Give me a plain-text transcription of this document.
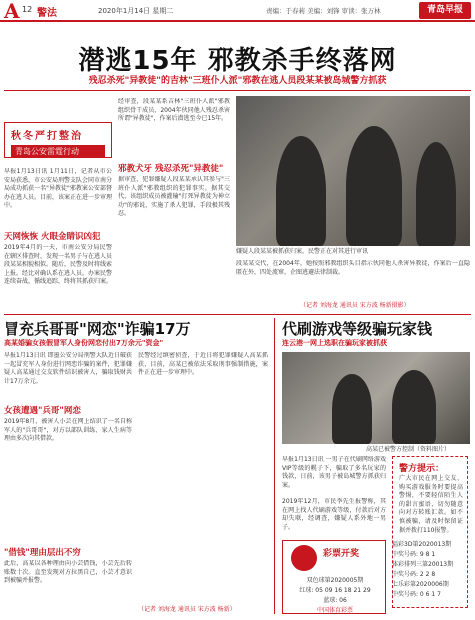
A 12 警法	2020年1月14日 星期二	责编：于春莉 美编：刘锋 审读：张万林	青岛早报
潜逃15年 邪教杀手终落网
残忍杀死"异教徒"的吉林"三班仆人派"邪教在逃人员段某某被岛城警方抓获
秋冬严打整治
青岛公安雷霆行动
早报1月13日讯 1月11日，记者从市公安局获悉，市公安局刑警支队会同市南分局成功抓获一名"异教徒"邪教案公安部督办在逃人员。目前，该案正在进一步审理中。
天网恢恢 火眼金睛识凶犯
2019年4月的一天，市南公安分局民警在辖区排查时，发现一名男子与在逃人员段某某相貌相似。随后，民警及时将线索上报，经比对确认系在逃人员。办案民警连续奋战，循线追踪，终将其抓获归案。
经审查，段某某系吉林"三班仆人派"邪教组织骨干成员，2004年伙同他人残忍杀害所谓"异教徒"，作案后潜逃至今已15年。
邪教犬牙 残忍杀死"异教徒"
据审查，犯罪嫌疑人段某某承认其参与"三班仆人派"邪教组织的犯罪事实。据其交代，该组织成员被灌输"打死异教徒为神立功"的邪说，实施了杀人犯罪，手段极其残忍。
嫌疑人段某某被抓获归案，民警正在对其进行审讯
段某某交代，在2004年，她按照邪教组织头目指示伙同他人杀害异教徒，作案后一直隐匿在外，四处流窜，企图逃避法律制裁。
（记者 刘海龙 通讯员 宋方波 杨新摄影）
冒充兵哥哥"网恋"诈骗17万
高某婚骗女孩假冒军人身份网恋付出7万余元"资金"
早报1月13日讯 即墨公安分局刑警大队近日破获一起冒充军人身份进行网恋诈骗的案件，犯罪嫌疑人高某通过交友软件结识被害人，骗取钱财共计17万余元。
女孩遭遇"兵哥"网恋
2019年8月，被害人小芸在网上结识了一名自称军人的"兵哥哥"，对方以部队训练、家人生病等理由多次向其借款。
"借钱"理由层出不穷
此后，高某以各种理由向小芸借钱，小芸先后转账数十次。直至发现对方拉黑自己，小芸才意识到被骗并报警。
民警经过缜密侦查，于近日将犯罪嫌疑人高某抓获，目前，高某已被依法采取刑事强制措施，案件正在进一步审理中。
（记者 刘海龙 通讯员 宋方波 杨新）
代刷游戏等级骗玩家钱
连云港一网上选职在骗玩家被抓获
高某已被警方控制（资料图片）
早报1月13日讯 一男子在代刷网络游戏VIP等级的幌子下，骗取了多名玩家的钱款，日前，该男子被岛城警方抓获归案。
2019年12月，市民李先生报警称，其在网上找人代刷游戏等级，付款后对方却失联，经调查，嫌疑人系外地一男子。
警方提示：
广大市民在网上交友、购买游戏服务时要提高警惕，不要轻信陌生人的甜言蜜语，切勿随意向对方转账汇款。如不慎被骗，请及时保留证据并拨打110报警。
彩票开奖
双色球第2020005期
红球: 05 09 16 18 21 29
蓝球: 06
中国体育彩票
福彩3D第2020013期
中奖号码: 9 8 1
体彩排列三第20013期
中奖号码: 2 2 8
七乐彩第2020006期
中奖号码: 0 6 1 7
